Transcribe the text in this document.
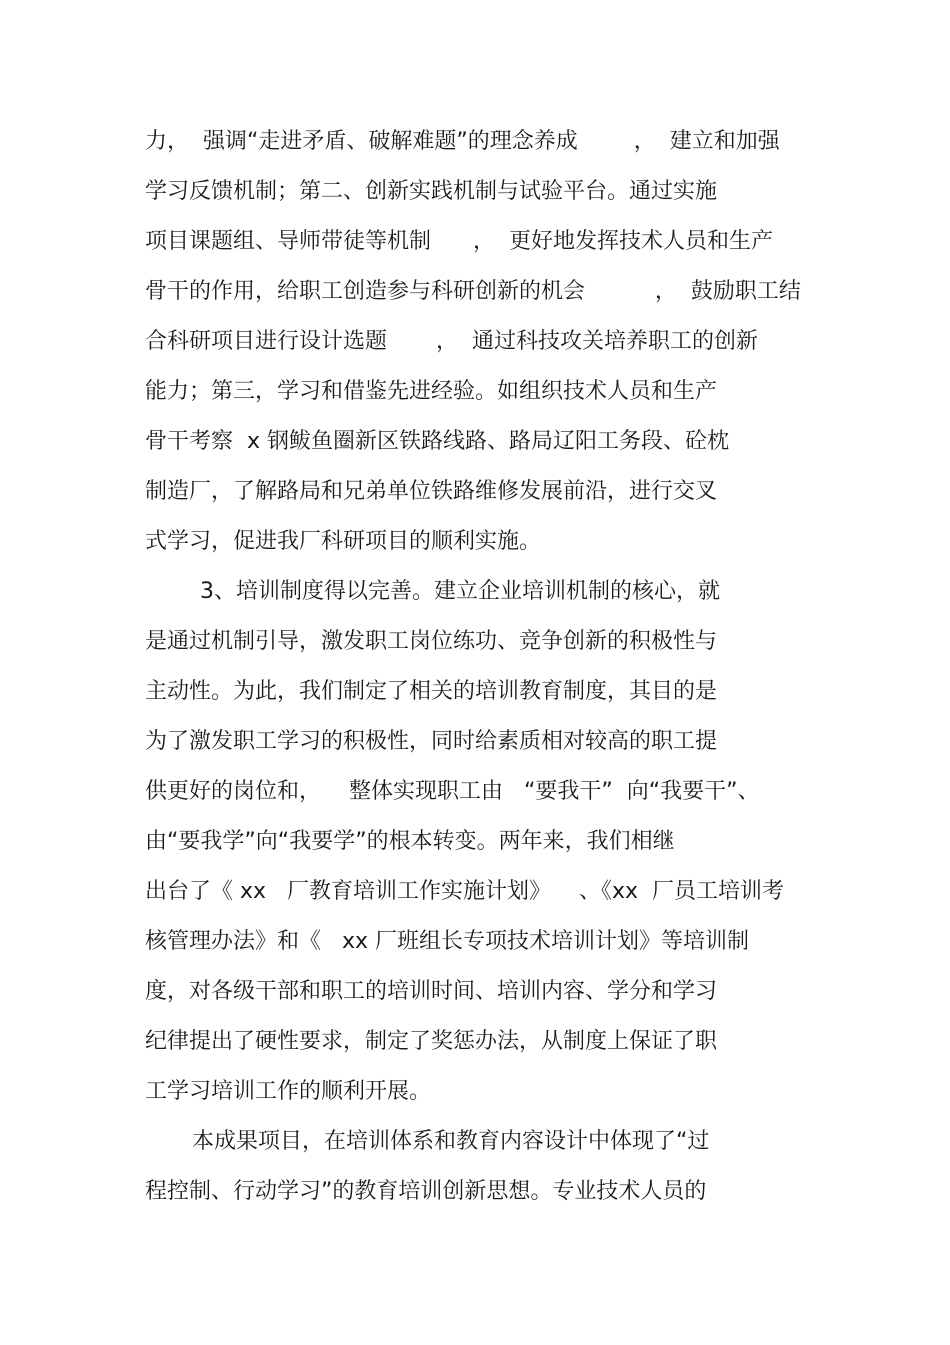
力，  强调“走进矛盾、破解难题”的理念养成        ，  建立和加强
学习反馈机制；第二、创新实践机制与试验平台。通过实施
项目课题组、导师带徒等机制      ，  更好地发挥技术人员和生产
骨干的作用，给职工创造参与科研创新的机会          ，  鼓励职工结
合科研项目进行设计选题       ，  通过科技攻关培养职工的创新
能力；第三，学习和借鉴先进经验。如组织技术人员和生产
骨干考察  x 钢鲅鱼圈新区铁路线路、路局辽阳工务段、砼枕
制造厂，了解路局和兄弟单位铁路维修发展前沿，进行交叉
式学习，促进我厂科研项目的顺利实施。
3、培训制度得以完善。建立企业培训机制的核心，就
是通过机制引导，激发职工岗位练功、竞争创新的积极性与
主动性。为此，我们制定了相关的培训教育制度，其目的是
为了激发职工学习的积极性，同时给素质相对较高的职工提
供更好的岗位和，    整体实现职工由   “要我干”  向“我要干”、
由“要我学”向“我要学”的根本转变。两年来，我们相继
出台了《 xx   厂教育培训工作实施计划》    、《xx  厂员工培训考
核管理办法》和《   xx 厂班组长专项技术培训计划》等培训制
度，对各级干部和职工的培训时间、培训内容、学分和学习
纪律提出了硬性要求，制定了奖惩办法，从制度上保证了职
工学习培训工作的顺利开展。
本成果项目，在培训体系和教育内容设计中体现了“过
程控制、行动学习”的教育培训创新思想。专业技术人员的
